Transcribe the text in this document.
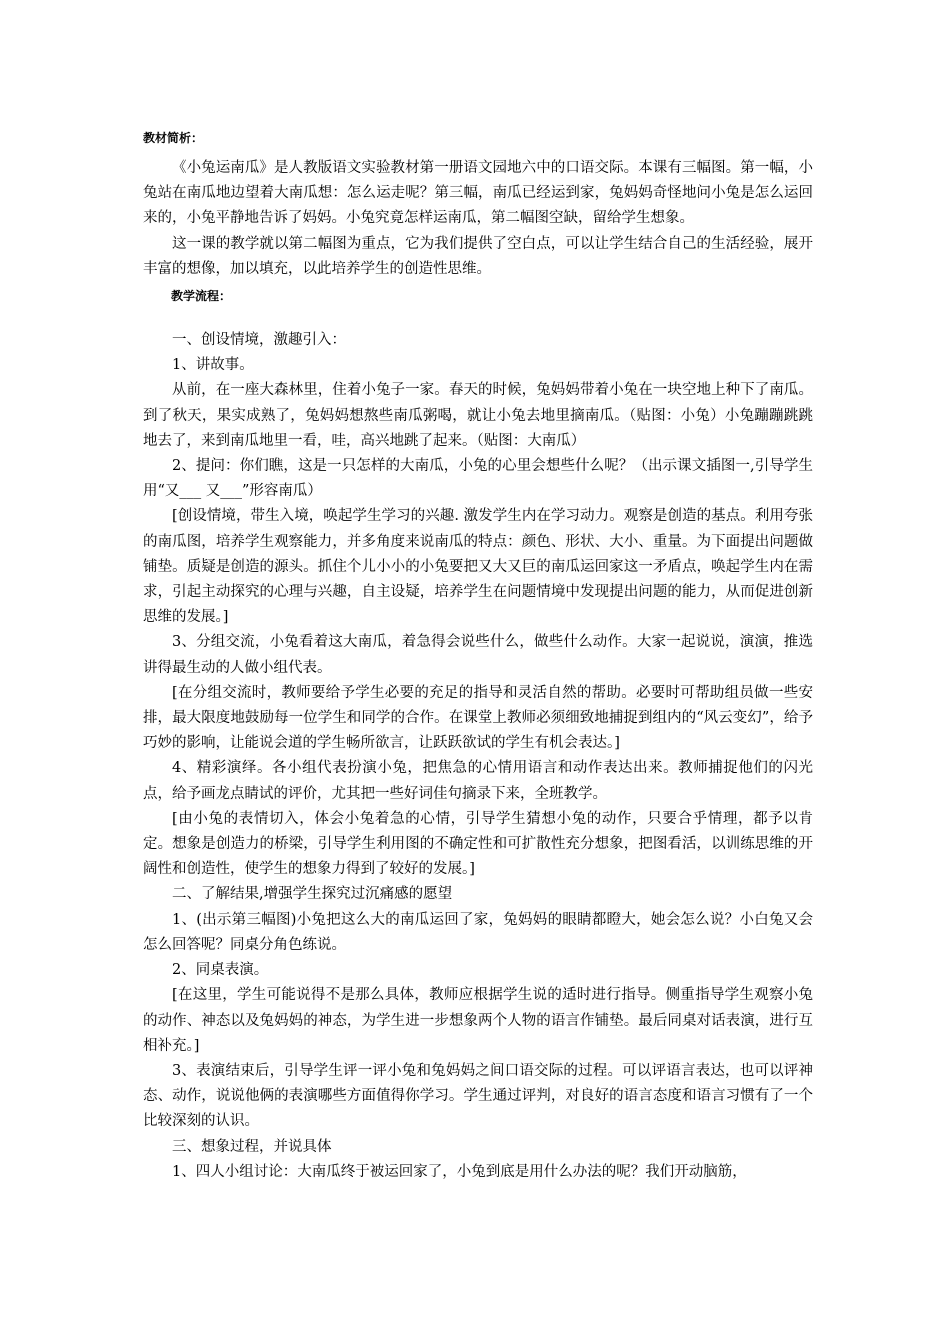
教材简析：

《小兔运南瓜》是人教版语文实验教材第一册语文园地六中的口语交际。本课有三幅图。第一幅，小兔站在南瓜地边望着大南瓜想：怎么运走呢？第三幅，南瓜已经运到家，兔妈妈奇怪地问小兔是怎么运回来的，小兔平静地告诉了妈妈。小兔究竟怎样运南瓜，第二幅图空缺，留给学生想象。

这一课的教学就以第二幅图为重点，它为我们提供了空白点，可以让学生结合自己的生活经验，展开丰富的想像，加以填充，以此培养学生的创造性思维。

教学流程：

一、创设情境，激趣引入：

1、讲故事。

从前，在一座大森林里，住着小兔子一家。春天的时候，兔妈妈带着小兔在一块空地上种下了南瓜。到了秋天，果实成熟了，兔妈妈想熬些南瓜粥喝，就让小兔去地里摘南瓜。（贴图：小兔）小兔蹦蹦跳跳地去了，来到南瓜地里一看，哇，高兴地跳了起来。（贴图：大南瓜）

2、提问：你们瞧，这是一只怎样的大南瓜，小兔的心里会想些什么呢？（出示课文插图一,引导学生用“又___ 又___”形容南瓜）

[创设情境，带生入境，唤起学生学习的兴趣. 激发学生内在学习动力。观察是创造的基点。利用夸张的南瓜图，培养学生观察能力，并多角度来说南瓜的特点：颜色、形状、大小、重量。为下面提出问题做铺垫。质疑是创造的源头。抓住个儿小小的小兔要把又大又巨的南瓜运回家这一矛盾点，唤起学生内在需求，引起主动探究的心理与兴趣，自主设疑，培养学生在问题情境中发现提出问题的能力，从而促进创新思维的发展。]

3、分组交流，小兔看着这大南瓜，着急得会说些什么，做些什么动作。大家一起说说，演演，推选讲得最生动的人做小组代表。

[在分组交流时，教师要给予学生必要的充足的指导和灵活自然的帮助。必要时可帮助组员做一些安排，最大限度地鼓励每一位学生和同学的合作。在课堂上教师必须细致地捕捉到组内的“风云变幻”，给予巧妙的影响，让能说会道的学生畅所欲言，让跃跃欲试的学生有机会表达。]

4、精彩演绎。各小组代表扮演小兔，把焦急的心情用语言和动作表达出来。教师捕捉他们的闪光点，给予画龙点睛试的评价，尤其把一些好词佳句摘录下来，全班教学。

[由小兔的表情切入，体会小兔着急的心情，引导学生猜想小兔的动作，只要合乎情理，都予以肯定。想象是创造力的桥梁，引导学生利用图的不确定性和可扩散性充分想象，把图看活，以训练思维的开阔性和创造性，使学生的想象力得到了较好的发展。]

二、了解结果,增强学生探究过沉痛感的愿望

1、(出示第三幅图)小兔把这么大的南瓜运回了家，兔妈妈的眼睛都瞪大，她会怎么说？小白兔又会怎么回答呢？同桌分角色练说。

2、同桌表演。

[在这里，学生可能说得不是那么具体，教师应根据学生说的适时进行指导。侧重指导学生观察小兔的动作、神态以及兔妈妈的神态，为学生进一步想象两个人物的语言作铺垫。最后同桌对话表演，进行互相补充。]

3、表演结束后，引导学生评一评小兔和兔妈妈之间口语交际的过程。可以评语言表达，也可以评神态、动作，说说他俩的表演哪些方面值得你学习。学生通过评判，对良好的语言态度和语言习惯有了一个比较深刻的认识。

三、想象过程，并说具体

1、四人小组讨论：大南瓜终于被运回家了，小兔到底是用什么办法的呢？我们开动脑筋，
